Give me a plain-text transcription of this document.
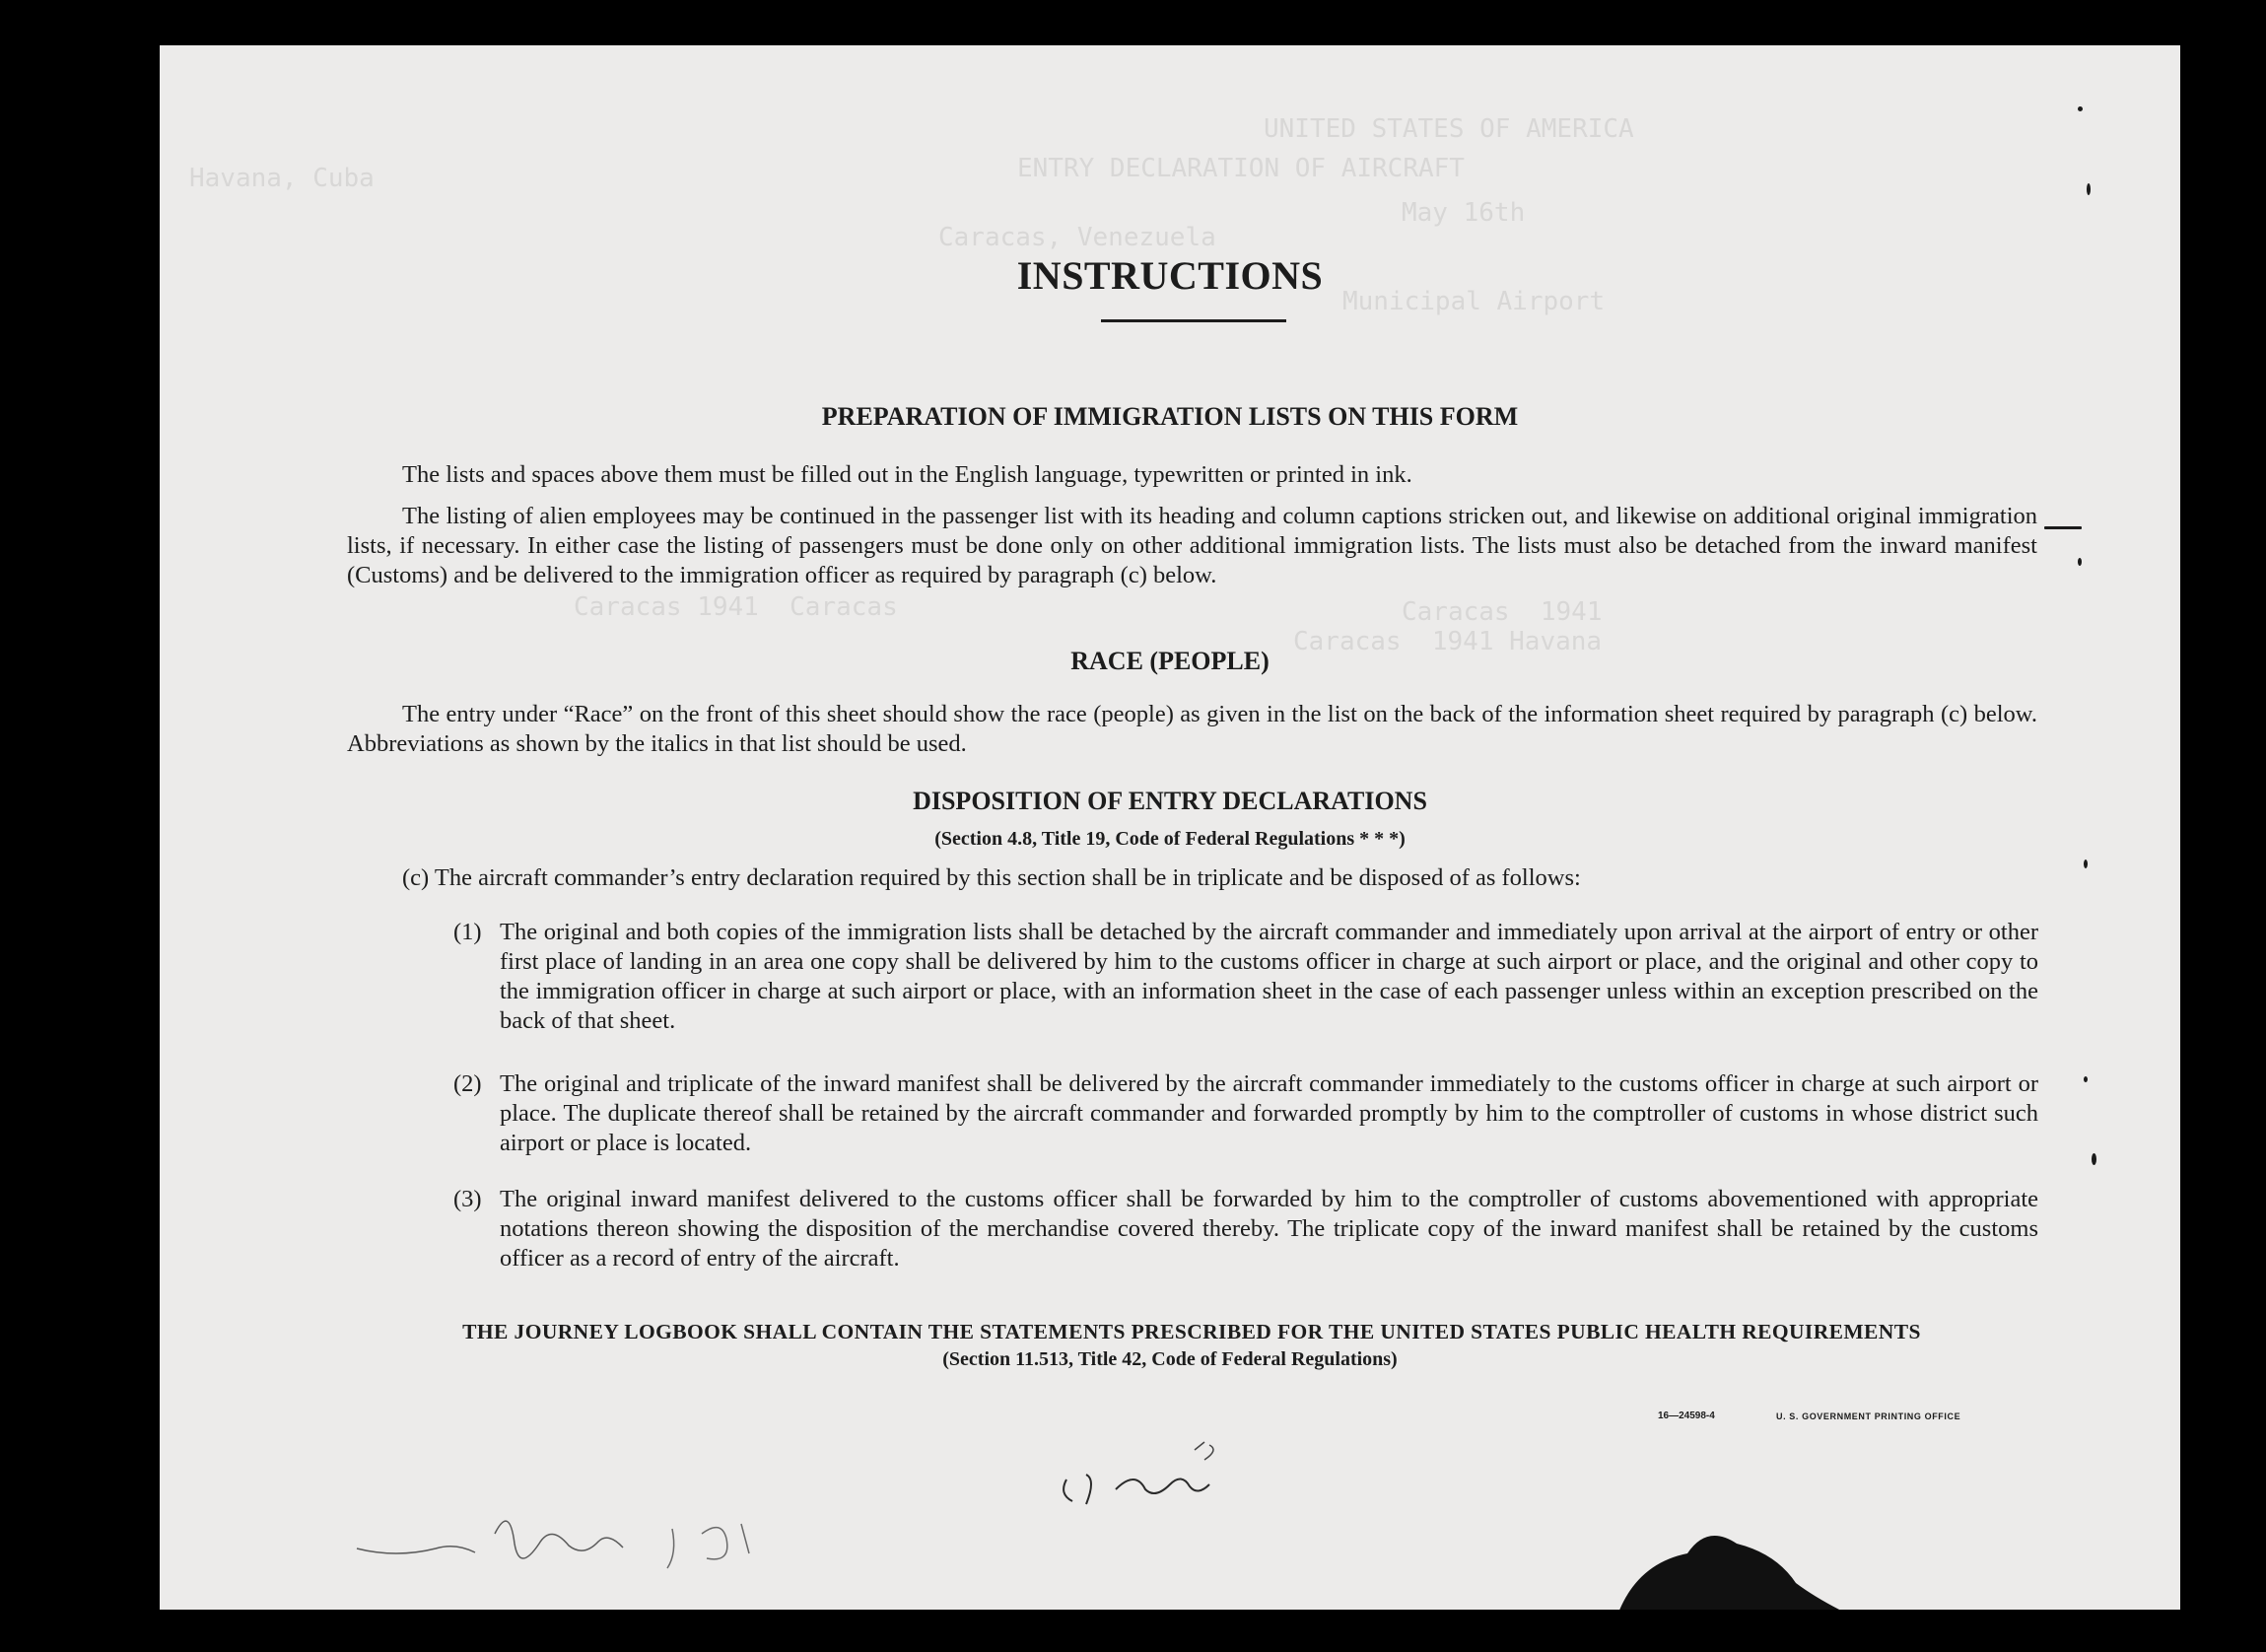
UNITED STATES OF AMERICA
ENTRY DECLARATION OF AIRCRAFT
Havana, Cuba
May 16th
Caracas, Venezuela
Municipal Airport
Caracas 1941  Caracas	Caracas  1941
Caracas  1941 Havana
INSTRUCTIONS
PREPARATION OF IMMIGRATION LISTS ON THIS FORM

The lists and spaces above them must be filled out in the English language, typewritten or printed in ink.

The listing of alien employees may be continued in the passenger list with its heading and column captions stricken out, and likewise on additional original immigration lists, if necessary. In either case the listing of passengers must be done only on other additional immigration lists. The lists must also be detached from the inward manifest (Customs) and be delivered to the immigration officer as required by paragraph (c) below.

RACE (PEOPLE)

The entry under “Race” on the front of this sheet should show the race (people) as given in the list on the back of the information sheet required by paragraph (c) below. Abbreviations as shown by the italics in that list should be used.

DISPOSITION OF ENTRY DECLARATIONS
(Section 4.8, Title 19, Code of Federal Regulations * * *)

(c) The aircraft commander’s entry declaration required by this section shall be in triplicate and be disposed of as follows:

(1) The original and both copies of the immigration lists shall be detached by the aircraft commander and immediately upon arrival at the airport of entry or other first place of landing in an area one copy shall be delivered by him to the customs officer in charge at such airport or place, and the original and other copy to the immigration officer in charge at such airport or place, with an information sheet in the case of each passenger unless within an exception prescribed on the back of that sheet.

(2) The original and triplicate of the inward manifest shall be delivered by the aircraft commander immediately to the customs officer in charge at such airport or place. The duplicate thereof shall be retained by the aircraft commander and forwarded promptly by him to the comptroller of customs in whose district such airport or place is located.

(3) The original inward manifest delivered to the customs officer shall be forwarded by him to the comptroller of customs abovementioned with appropriate notations thereon showing the disposition of the merchandise covered thereby. The triplicate copy of the inward manifest shall be retained by the customs officer as a record of entry of the aircraft.

THE JOURNEY LOGBOOK SHALL CONTAIN THE STATEMENTS PRESCRIBED FOR THE UNITED STATES PUBLIC HEALTH REQUIREMENTS
(Section 11.513, Title 42, Code of Federal Regulations)
16—24598-4	U. S. GOVERNMENT PRINTING OFFICE
